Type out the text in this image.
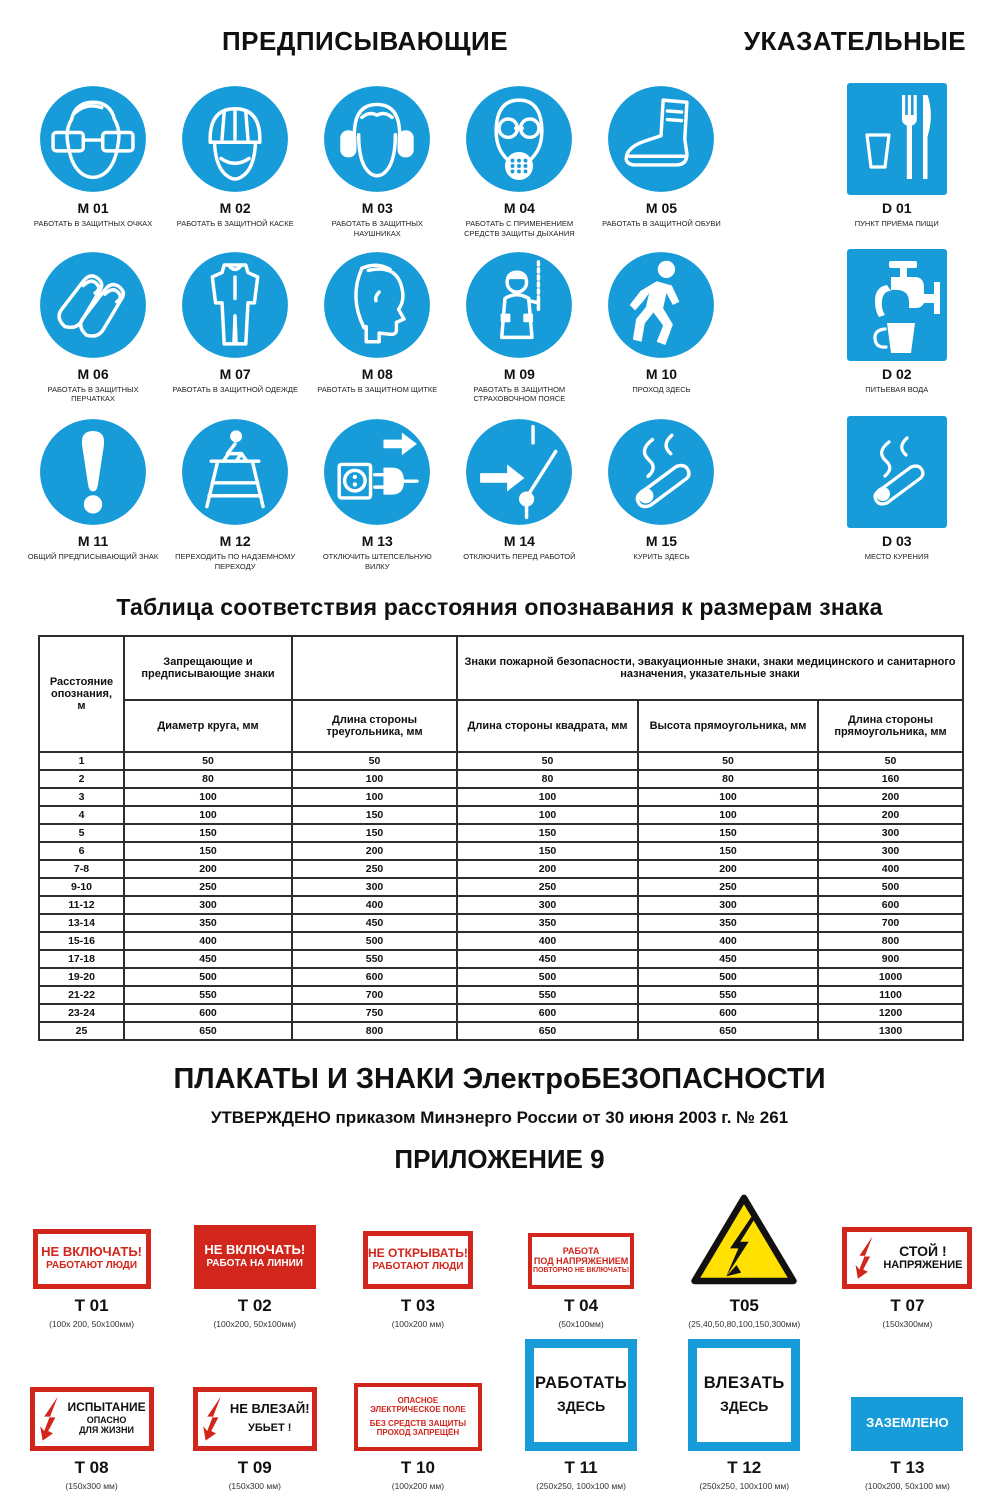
ПРЕДПИСЫВАЮЩИЕ	УКАЗАТЕЛЬНЫЕ
M 01
РАБОТАТЬ В ЗАЩИТНЫХ ОЧКАХ
M 02
РАБОТАТЬ В ЗАЩИТНОЙ КАСКЕ
M 03
РАБОТАТЬ В ЗАЩИТНЫХ НАУШНИКАХ
M 04
РАБОТАТЬ С ПРИМЕНЕНИЕМ СРЕДСТВ ЗАЩИТЫ ДЫХАНИЯ
M 05
РАБОТАТЬ В ЗАЩИТНОЙ ОБУВИ
D 01
ПУНКТ ПРИЁМА ПИЩИ
M 06
РАБОТАТЬ В ЗАЩИТНЫХ ПЕРЧАТКАХ
M 07
РАБОТАТЬ В ЗАЩИТНОЙ ОДЕЖДЕ
M 08
РАБОТАТЬ В ЗАЩИТНОМ ЩИТКЕ
M 09
РАБОТАТЬ В ЗАЩИТНОМ СТРАХОВОЧНОМ ПОЯСЕ
M 10
ПРОХОД ЗДЕСЬ
D 02
ПИТЬЕВАЯ ВОДА
M 11
ОБЩИЙ ПРЕДПИСЫВАЮЩИЙ ЗНАК
M 12
ПЕРЕХОДИТЬ ПО НАДЗЕМНОМУ ПЕРЕХОДУ
M 13
ОТКЛЮЧИТЬ ШТЕПСЕЛЬНУЮ ВИЛКУ
M 14
ОТКЛЮЧИТЬ ПЕРЕД РАБОТОЙ
M 15
КУРИТЬ ЗДЕСЬ
D 03
МЕСТО КУРЕНИЯ
Таблица соответствия расстояния опознавания к размерам знака
Расстояние опознания, м	Запрещающие и предписывающие знаки		Знаки пожарной безопасности, эвакуационные знаки, знаки медицинского и санитарного назначения, указательные знаки		
	Диаметр круга, мм	Длина стороны треугольника, мм	Длина стороны квадрата, мм	Высота прямоугольника, мм	Длина стороны прямоугольника, мм
1	50	50	50	50	50
2	80	100	80	80	160
3	100	100	100	100	200
4	100	150	100	100	200
5	150	150	150	150	300
6	150	200	150	150	300
7-8	200	250	200	200	400
9-10	250	300	250	250	500
11-12	300	400	300	300	600
13-14	350	450	350	350	700
15-16	400	500	400	400	800
17-18	450	550	450	450	900
19-20	500	600	500	500	1000
21-22	550	700	550	550	1100
23-24	600	750	600	600	1200
25	650	800	650	650	1300
ПЛАКАТЫ И ЗНАКИ ЭлектроБЕЗОПАСНОСТИ
УТВЕРЖДЕНО приказом Минэнерго России от 30 июня 2003 г. № 261
ПРИЛОЖЕНИЕ 9
НЕ ВКЛЮЧАТЬ!
РАБОТАЮТ ЛЮДИ
Т 01
(100х 200, 50х100мм)
НЕ ВКЛЮЧАТЬ!
РАБОТА НА ЛИНИИ
Т 02
(100х200, 50х100мм)
НЕ ОТКРЫВАТЬ!
РАБОТАЮТ ЛЮДИ
Т 03
(100х200 мм)
РАБОТА
ПОД НАПРЯЖЕНИЕМ
ПОВТОРНО НЕ ВКЛЮЧАТЬ!
Т 04
(50х100мм)
Т05
(25,40,50,80,100,150,300мм)
СТОЙ !
НАПРЯЖЕНИЕ
Т 07
(150х300мм)
ИСПЫТАНИЕ
ОПАСНО
ДЛЯ ЖИЗНИ
Т 08
(150х300 мм)
НЕ ВЛЕЗАЙ!
УБЬЕТ !
Т 09
(150х300 мм)
ОПАСНОЕ
ЭЛЕКТРИЧЕСКОЕ ПОЛЕ
БЕЗ СРЕДСТВ ЗАЩИТЫ
ПРОХОД ЗАПРЕЩЁН
Т 10
(100х200 мм)
РАБОТАТЬ
ЗДЕСЬ
Т 11
(250х250, 100х100 мм)
ВЛЕЗАТЬ
ЗДЕСЬ
Т 12
(250х250, 100х100 мм)
ЗАЗЕМЛЕНО
Т 13
(100х200, 50х100 мм)
